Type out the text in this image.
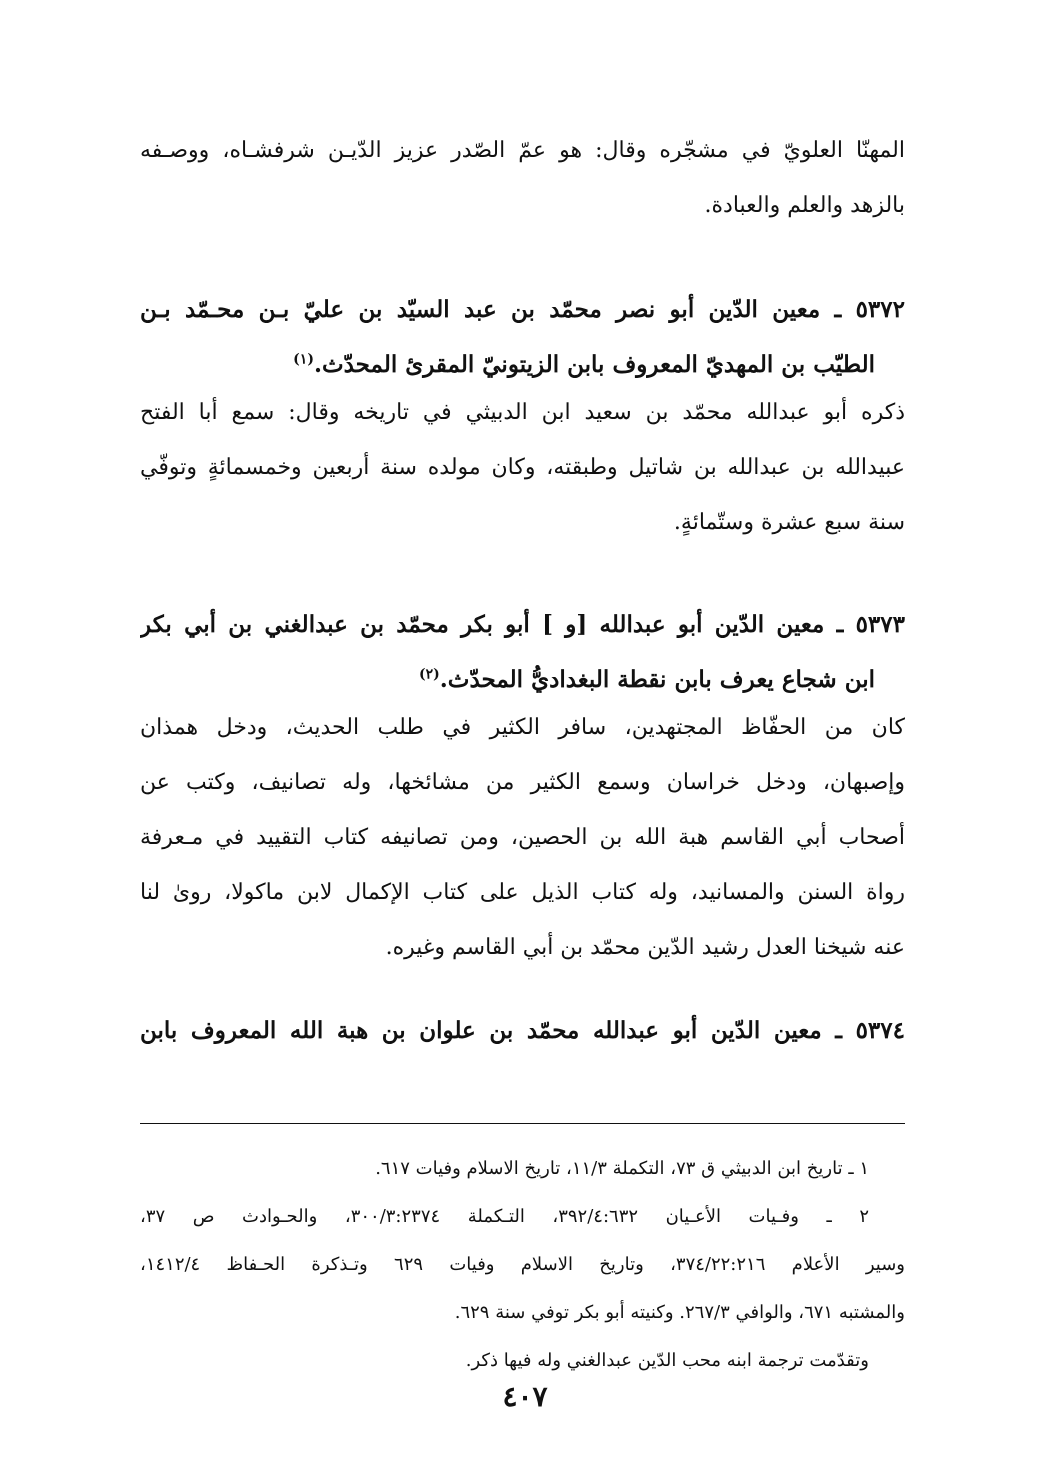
المهنّا العلويّ في مشجّره وقال: هو عمّ الصّدر عزيز الدّيـن شرفشـاه، ووصـفه
بالزهد والعلم والعبادة.
٥٣٧٢ ـ معين الدّين أبو نصر محمّد بن عبد السيّد بن عليّ بـن محـمّد بـن
الطيّب بن المهديّ المعروف بابن الزيتونيّ المقرئ المحدّث.$^{(١)}$
ذكره أبو عبدالله محمّد بن سعيد ابن الدبيثي في تاريخه وقال: سمع أبا الفتح
عبيدالله بن عبدالله بن شاتيل وطبقته، وكان مولده سنة أربعين وخمسمائةٍ وتوفّي
سنة سبع عشرة وستّمائةٍ.
٥٣٧٣ ـ معين الدّين أبو عبدالله [و ] أبو بكر محمّد بن عبدالغني بن أبي بكر
ابن شجاع يعرف بابن نقطة البغداديُّ المحدّث.$^{(٢)}$
كان من الحفّاظ المجتهدين، سافر الكثير في طلب الحديث، ودخل همذان
وإصبهان، ودخل خراسان وسمع الكثير من مشائخها، وله تصانيف، وكتب عن
أصحاب أبي القاسم هبة الله بن الحصين، ومن تصانيفه كتاب التقييد في مـعرفة
رواة السنن والمسانيد، وله كتاب الذيل على كتاب الإكمال لابن ماكولا، روىٰ لنا
عنه شيخنا العدل رشيد الدّين محمّد بن أبي القاسم وغيره.
٥٣٧٤ ـ معين الدّين أبو عبدالله محمّد بن علوان بن هبة الله المعروف بابن
١ ـ تاريخ ابن الدبيثي ق ٧٣، التكملة ١١/٣، تاريخ الاسلام وفيات ٦١٧.
٢ ـ وفـيات الأعـيان ٣٩٢/٤:٦٣٢، التـكملة ٣٠٠/٣:٢٣٧٤، والحـوادث ص ٣٧،
وسير الأعلام ٣٧٤/٢٢:٢١٦، وتاريخ الاسلام وفيات ٦٢٩ وتـذكرة الحـفاظ ١٤١٢/٤،
والمشتبه ٦٧١، والوافي ٢٦٧/٣. وكنيته أبو بكر توفي سنة ٦٢٩.
وتقدّمت ترجمة ابنه محب الدّين عبدالغني وله فيها ذكر.
٤٠٧
